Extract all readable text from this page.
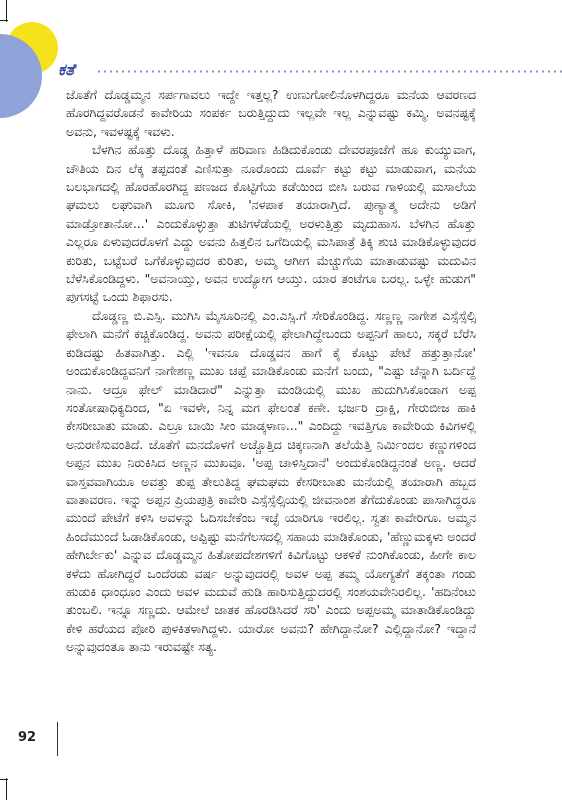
ಕತೆ

ಜೊತೆಗೆ ದೊಡ್ಡಮ್ಮನ ಸರ್ಪಗಾವಲು ಇದ್ದೇ ಇತ್ತಲ್ಲ? ಉಣುಗೋಲಿನೊಳಗಿದ್ದರೂ ಮನೆಯ ಆವರಣದ ಹೊರಗಿದ್ದವರೊಡನೆ ಕಾವೇರಿಯ ಸಂಪರ್ಕ ಬರುತ್ತಿದ್ದುದು ಇಲ್ಲವೇ ಇಲ್ಲ ಎನ್ನುವಷ್ಟು ಕಮ್ಮಿ. ಅವನಷ್ಟಕ್ಕೆ ಅವನು, ಇವಳಷ್ಟಕ್ಕೆ ಇವಳು.

ಬೆಳಗಿನ ಹೊತ್ತು ದೊಡ್ಡ ಹಿತ್ತಾಳೆ ಹರಿವಾಣ ಹಿಡಿದುಕೊಂಡು ದೇವರಪೂಜೆಗೆ ಹೂ ಕುಯ್ಯುವಾಗ, ಚೌತಿಯ ದಿನ ಲೆಕ್ಕ ತಪ್ಪದಂತೆ ಎಣಿಸುತ್ತಾ ನೂರೊಂದು ದೂರ್ವೆ ಕಟ್ಟು ಕಟ್ಟು ಮಾಡುವಾಗ, ಮನೆಯ ಬಲಭಾಗದಲ್ಲಿ ಹೊರಹೊರಗಿದ್ದ ಪಣಜದ ಕೊಟ್ಟಿಗೆಯ ಕಡೆಯಿಂದ ಬೀಸಿ ಬರುವ ಗಾಳಿಯಲ್ಲಿ ಮಸಾಲೆಯ ಘಮಲು ಲಘುವಾಗಿ ಮೂಗು ಸೋಕಿ, 'ನಳಪಾಕ ತಯಾರಾಗ್ತಿದೆ. ಪುಣ್ಯಾತ್ಮ ಅದೇನು ಅಡಿಗೆ ಮಾಡ್ತೋತಾನೋ...' ಎಂದುಕೊಳ್ಳುತ್ತಾ ತುಟಿಗಳೆಡೆಯಲ್ಲಿ ಅರಳುತ್ತಿತ್ತು ಮೃದುಹಾಸ. ಬೆಳಗಿನ ಹೊತ್ತು ಎಲ್ಲರೂ ಏಳುವುದರೊಳಗೆ ಎದ್ದು ಅವನು ಹಿತ್ತಲಿನ ಒಗೆದಿಯಲ್ಲಿ ಮಸಿಪಾತ್ರೆ ತಿಕ್ಕಿ ಶುಚಿ ಮಾಡಿಕೊಳ್ಳುವುದರ ಕುರಿತು, ಬಟ್ಟೆಬರೆ ಒಗೆಕೊಳ್ಳುವುದರ ಕುರಿತು, ಅಮ್ಮ ಆಗೀಗ ಮೆಚ್ಚುಗೆಯ ಮಾತಾಡುವಷ್ಟು ಮದುವಿನ ಬೆಳೆಸಿಕೊಂಡಿದ್ದಳು. "ಅವನಾಯ್ತು, ಅವನ ಉದ್ಯೋಗ ಆಯ್ತು. ಯಾರ ತಂಟೆಗೂ ಬರಲ್ಲ. ಒಳ್ಳೇ ಹುಡುಗ" ಪುಗಸಟ್ಟೆ ಒಂದು ಶಿಫಾರಸು.

ದೊಡ್ಡಣ್ಣ ಬಿ.ಎಸ್ಸಿ. ಮುಗಿಸಿ ಮೈಸೂರಿನಲ್ಲಿ ಎಂ.ಎಸ್ಸಿ.ಗೆ ಸೇರಿಕೊಂಡಿದ್ದ. ಸಣ್ಣಣ್ಣ ನಾಗೇಶ ಎಸ್ಸೆಸ್ಸೆಲ್ಸಿ ಫೇಲಾಗಿ ಮನೆಗೆ ಕಚ್ಚಿಕೊಂಡಿದ್ದ. ಅವನು ಪರೀಕ್ಷೆಯಲ್ಲಿ ಫೇಲಾಗಿದ್ದೇಬಂದು ಅಪ್ಪನಿಗೆ ಹಾಲು, ಸಕ್ಕರೆ ಬೆರೆಸಿ ಕುಡಿದಷ್ಟು ಹಿತವಾಗಿತ್ತು. ಎಲ್ಲಿ 'ಇವನೂ ದೊಡ್ಡವನ ಹಾಗೆ ಕೈ ಕೊಟ್ಟು ಪೇಟೆ ಹತ್ತುತ್ತಾನೋ' ಅಂದುಕೊಂಡಿದ್ದವನಿಗೆ ನಾಗೇಶಣ್ಣ ಮುಖ ಚಪ್ಪೆ ಮಾಡಿಕೊಂಡು ಮನೆಗೆ ಬಂದು, "ಎಷ್ಟು ಚೆನ್ನಾಗಿ ಬರ್ದಿದ್ದೆ ನಾನು. ಆದ್ರೂ ಫೇಲ್ ಮಾಡಿದಾರೆ" ಎನ್ನುತ್ತಾ ಮಂಡಿಯಲ್ಲಿ ಮುಖ ಹುದುಗಿಸಿಕೊಂಡಾಗ ಅಪ್ಪ ಸಂತೋಷಾಧಿಕ್ಯದಿಂದ, "ಏ ಇವಳೇ, ನಿನ್ನ ಮಗ ಫೇಲಂತೆ ಕಣೇ. ಭರ್ಜರಿ ದ್ರಾಕ್ಷಿ, ಗೇರುಬೀಜ ಹಾಕಿ ಕೇಸರೀಬಾತು ಮಾಡು. ಎಲ್ರೂ ಬಾಯಿ ಸೀಂ ಮಾಡ್ಕಳಾಣ..." ಎಂದಿದ್ದು ಇವತ್ತಿಗೂ ಕಾವೇರಿಯ ಕಿವಿಗಳಲ್ಲಿ ಅನುರಣಿಸುವಂತಿದೆ. ಜೊತೆಗೆ ಮನದೊಳಗೆ ಅಚ್ಚೊತ್ತಿದ ಚಿಕ್ಕಣನಾಗಿ ತಲೆಯೆತ್ತಿ ನಿರ್ಮಿಂದಲ ಕಣ್ಣುಗಳಿಂದ ಅಪ್ಪನ ಮುಖ ನಿರುಕಿಸಿದ ಅಣ್ಣನ ಮುಖವೂ. 'ಅಪ್ಪ ಚಾಳಿಸ್ತಿದಾನೆ' ಅಂದುಕೊಂಡಿದ್ದನಂತೆ ಅಣ್ಣ. ಆದರೆ ವಾಸ್ತವವಾಗಿಯೂ ಅವತ್ತು ತುಪ್ಪ ತೇಲುತಿದ್ದ ಘಮಘಮ ಕೇಸರೀಬಾತು ಮನೆಯಲ್ಲಿ ತಯಾರಾಗಿ ಹಬ್ಬದ ವಾತಾವರಣ. ಇನ್ನು ಅಪ್ಪನ ಪ್ರಿಯಪುತ್ರಿ ಕಾವೇರಿ ಎಸ್ಸೆಸ್ಸೆಲ್ಸಿಯಲ್ಲಿ ಜೀವನಾಂಶ ತೆಗೆದುಕೊಂಡು ಪಾಸಾಗಿದ್ದರೂ ಮುಂದೆ ಪೇಟೆಗೆ ಕಳಿಸಿ ಅವಳನ್ನು ಓದಿಸಬೇಕೆಂಬ ಇಚ್ಛೆ ಯಾರಿಗೂ ಇರಲಿಲ್ಲ. ಸ್ವತಃ ಕಾವೇರಿಗೂ. ಅಮ್ಮನ ಹಿಂದೆಮುಂದೆ ಓಡಾಡಿಕೊಂಡು, ಅಪ್ಪಿಷ್ಟು ಮನೆಗೆಲಸದಲ್ಲಿ ಸಹಾಯ ಮಾಡಿಕೊಂಡು, 'ಹೆಣ್ಣುಮಕ್ಕಳು ಅಂದರೆ ಹೇಗಿರ್ಬೇಕು' ಎನ್ನುವ ದೊಡ್ಡಮ್ಮನ ಹಿತೋಪದೇಶಗಳಿಗೆ ಕಿವಿಗೊಟ್ಟು ಆಕಳಿಕೆ ನುಂಗಿಕೊಂಡು, ಹೀಗೇ ಕಾಲ ಕಳೆದು ಹೋಗಿದ್ದರೆ ಒಂದೆರಡು ವರ್ಷ ಅನ್ನುವುದರಲ್ಲಿ ಅವಳ ಅಪ್ಪ ತಮ್ಮ ಯೋಗ್ಯತೆಗೆ ತಕ್ಕಂತಾ ಗಂಡು ಹುಡುಕಿ ಧಾಂಧೂಂ ಎಂದು ಅವಳ ಮದುವೆ ಹುಡಿ ಹಾರಿಸುತ್ತಿದ್ದುದರಲ್ಲಿ ಸಂಶಯವೇನಿರಲಿಲ್ಲ. 'ಹದಿನೆಂಟು ತುಂಬಲಿ. ಇನ್ನೂ ಸಣ್ಣದು. ಆಮೇಲೆ ಜಾತಕ ಹೊರಡಿಸಿದರೆ ಸರಿ' ಎಂದು ಅಪ್ಪಅಮ್ಮ ಮಾತಾಡಿಕೊಂಡಿದ್ದು ಕೇಳಿ ಹರೆಯದ ಪೋರಿ ಪುಳಕಿತಳಾಗಿದ್ದಳು. ಯಾರೋ ಅವನು? ಹೇಗಿದ್ದಾನೋ? ಎಲ್ಲಿದ್ದಾನೋ? ಇದ್ದಾನೆ ಅನ್ನುವುದಂತೂ ತಾನು ಇರುವಷ್ಟೇ ಸತ್ಯ.

92
